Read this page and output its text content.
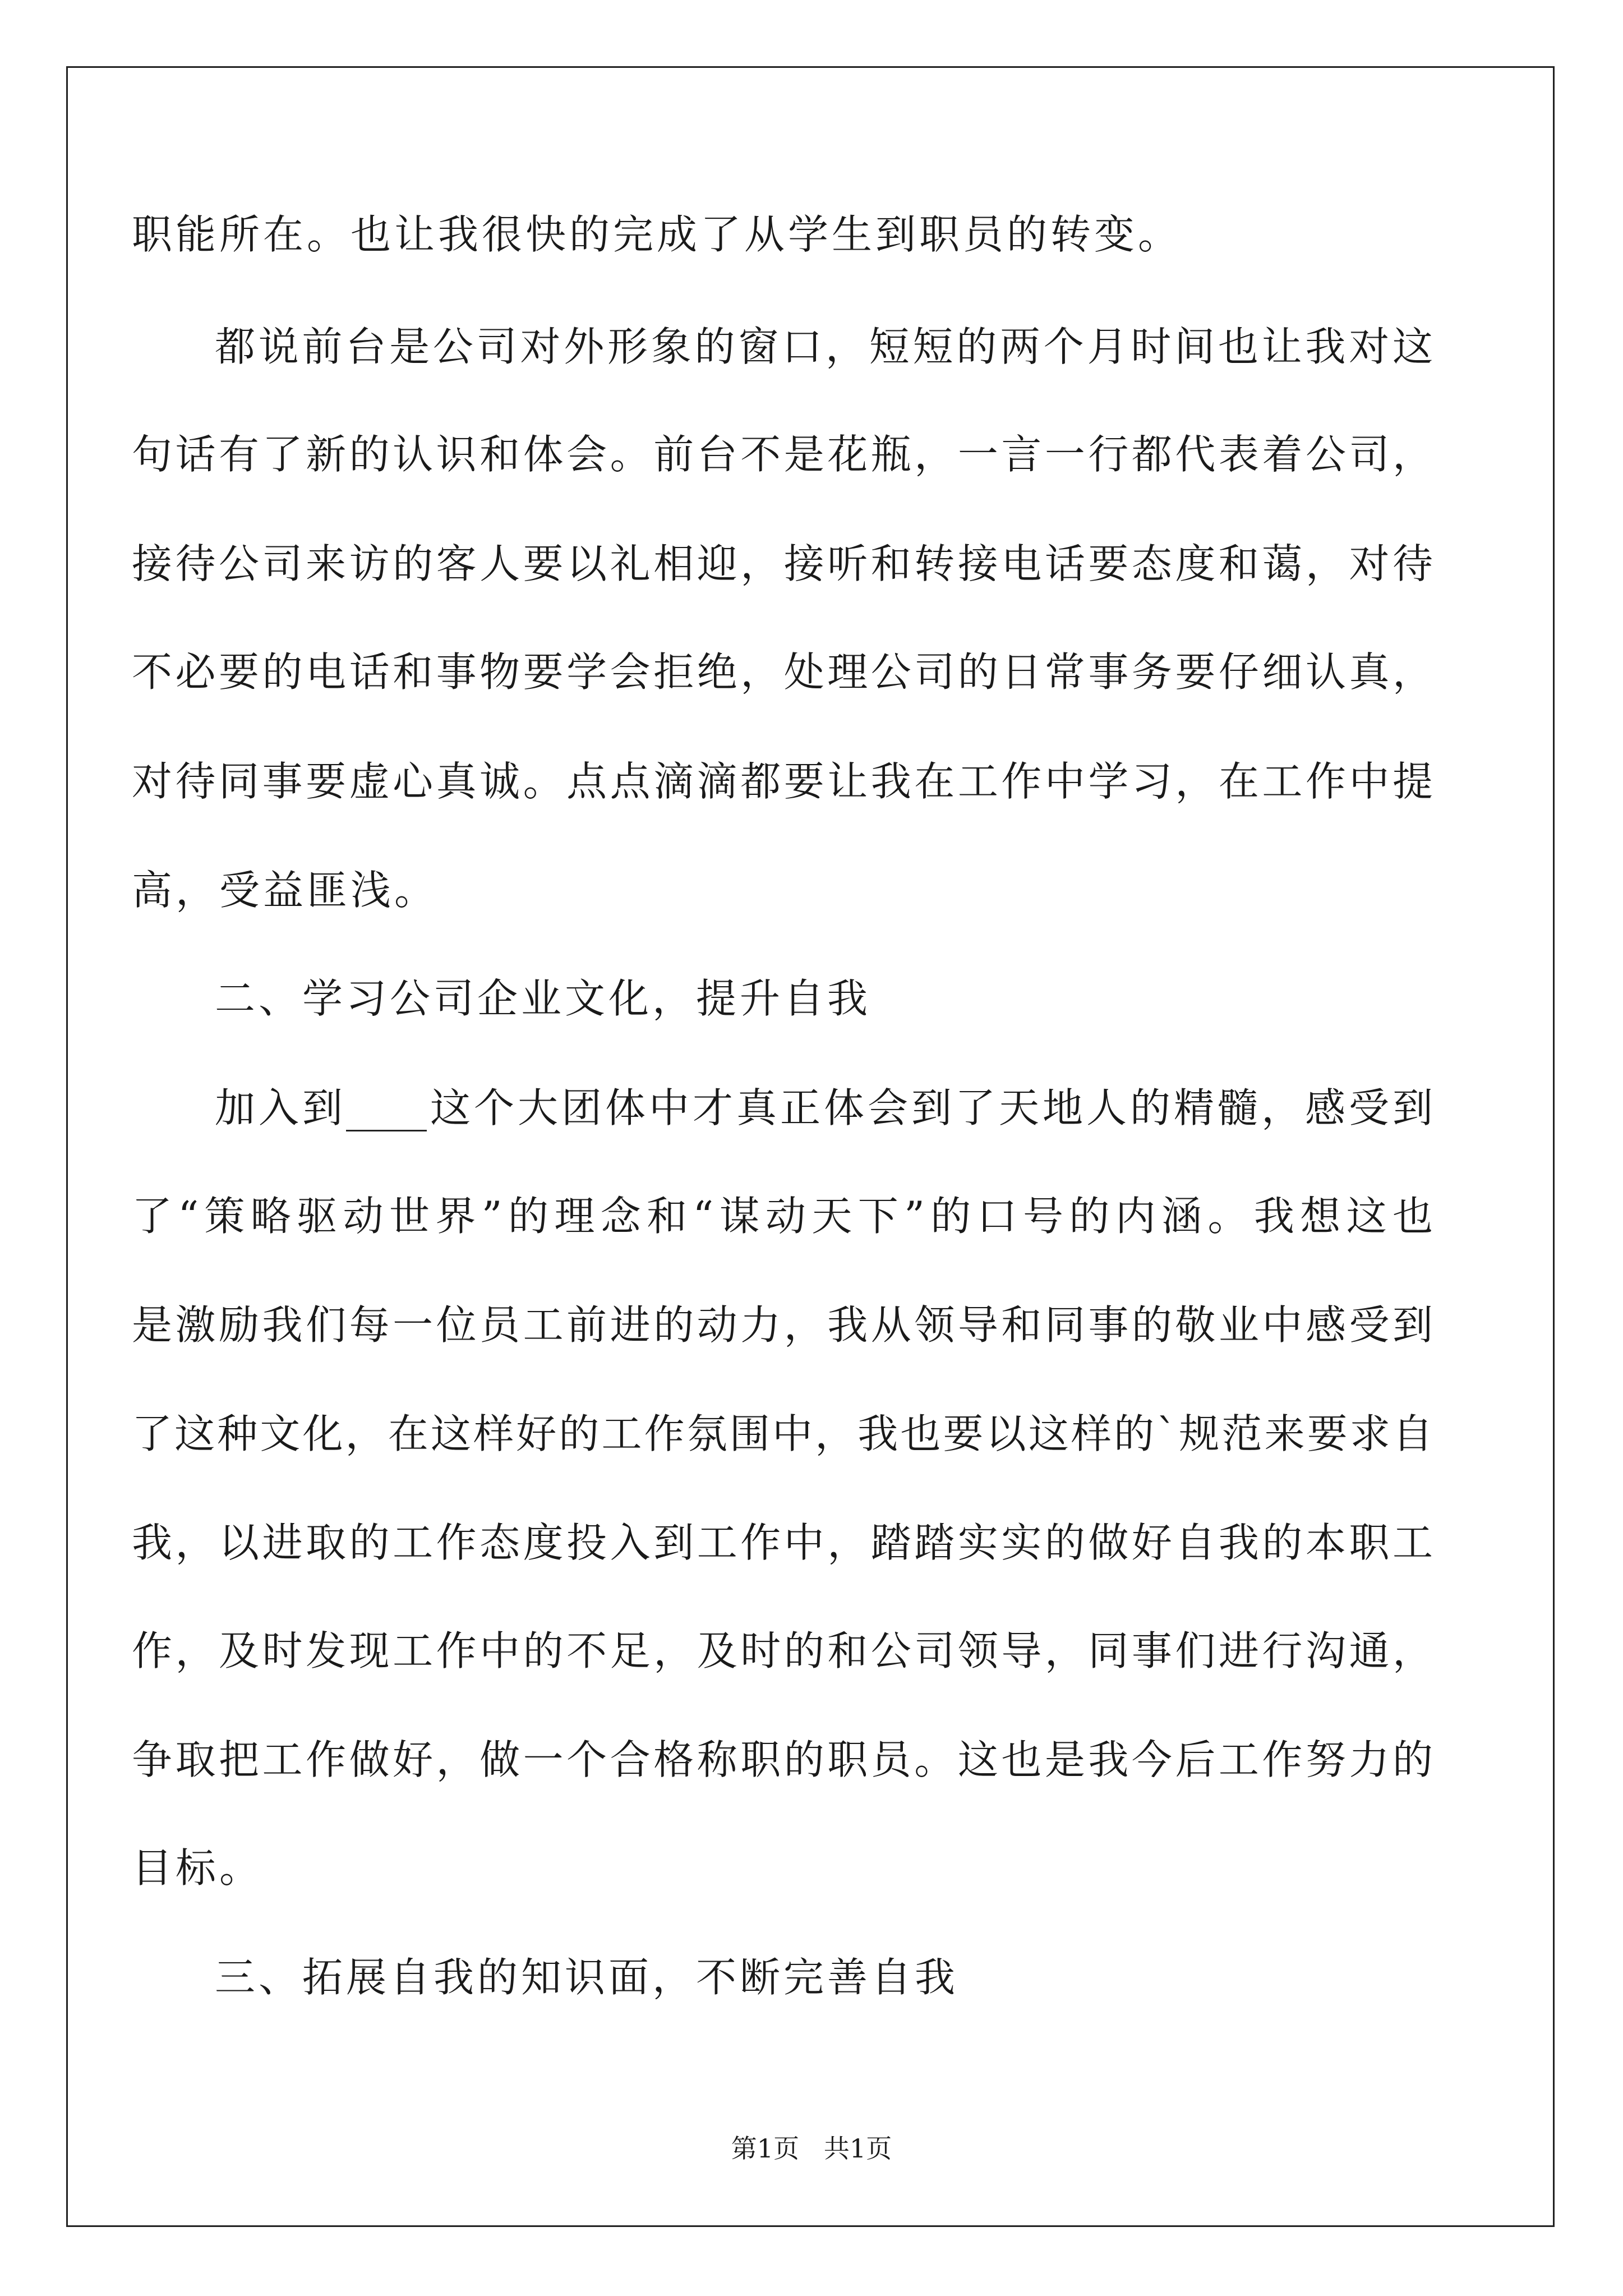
职能所在。也让我很快的完成了从学生到职员的转变。
都说前台是公司对外形象的窗口，短短的两个月时间也让我对这
句话有了新的认识和体会。前台不是花瓶，一言一行都代表着公司，
接待公司来访的客人要以礼相迎，接听和转接电话要态度和蔼，对待
不必要的电话和事物要学会拒绝，处理公司的日常事务要仔细认真，
对待同事要虚心真诚。点点滴滴都要让我在工作中学习，在工作中提
高，受益匪浅。
二、学习公司企业文化，提升自我
加入到____这个大团体中才真正体会到了天地人的精髓，感受到
了“策略驱动世界”的理念和“谋动天下”的口号的内涵。我想这也
是激励我们每一位员工前进的动力，我从领导和同事的敬业中感受到
了这种文化，在这样好的工作氛围中，我也要以这样的`规范来要求自
我，以进取的工作态度投入到工作中，踏踏实实的做好自我的本职工
作，及时发现工作中的不足，及时的和公司领导，同事们进行沟通，
争取把工作做好，做一个合格称职的职员。这也是我今后工作努力的
目标。
三、拓展自我的知识面，不断完善自我
第1页   共1页
